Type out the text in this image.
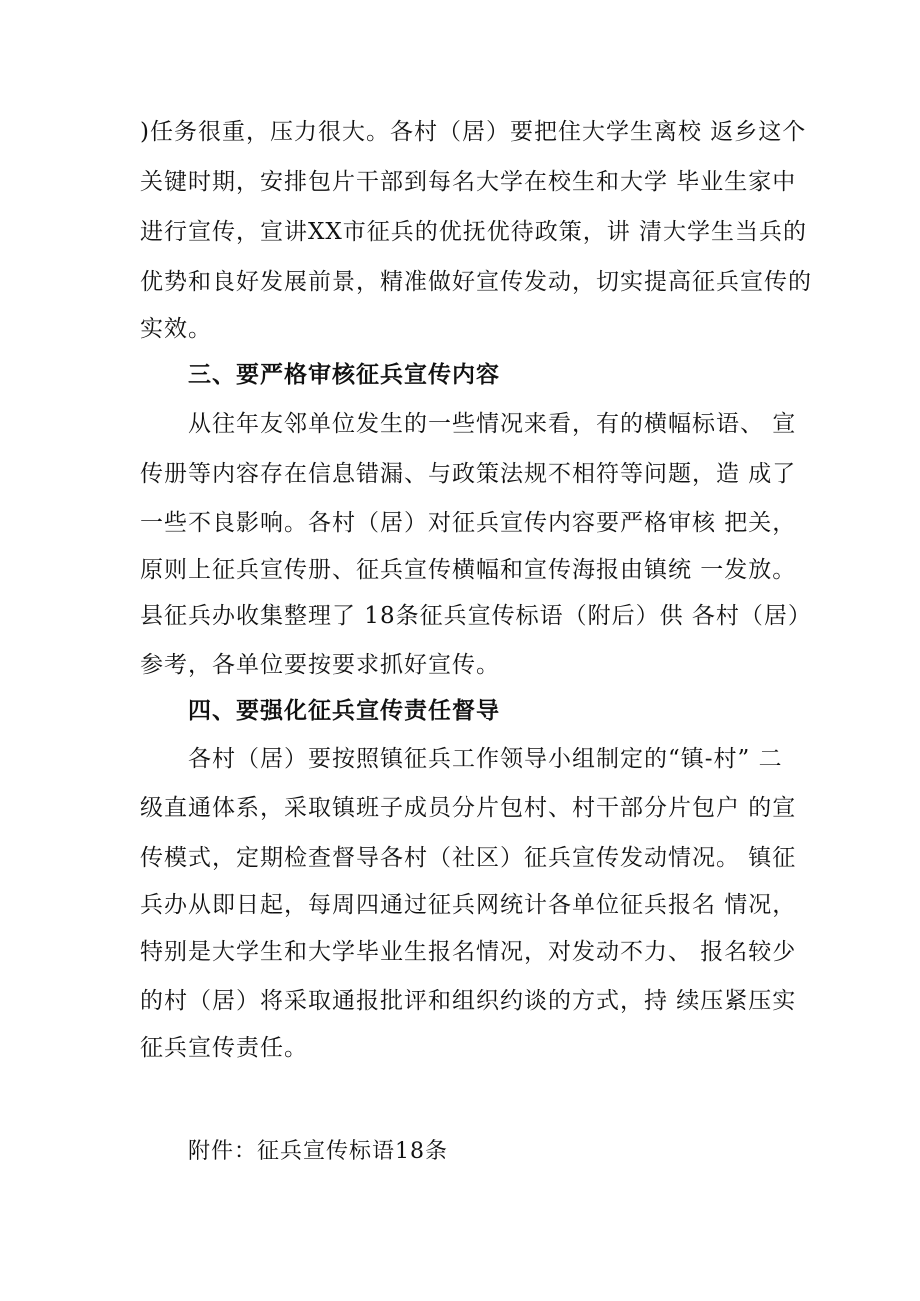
)任务很重，压力很大。各村（居）要把住大学生离校 返乡这个
关键时期，安排包片干部到每名大学在校生和大学 毕业生家中
进行宣传，宣讲XX市征兵的优抚优待政策，讲 清大学生当兵的
优势和良好发展前景，精准做好宣传发动，切实提高征兵宣传的
实效。
三、要严格审核征兵宣传内容
从往年友邻单位发生的一些情况来看，有的横幅标语、 宣
传册等内容存在信息错漏、与政策法规不相符等问题，造 成了
一些不良影响。各村（居）对征兵宣传内容要严格审核 把关，
原则上征兵宣传册、征兵宣传横幅和宣传海报由镇统 一发放。
县征兵办收集整理了 18条征兵宣传标语（附后）供 各村（居）
参考，各单位要按要求抓好宣传。
四、要强化征兵宣传责任督导
各村（居）要按照镇征兵工作领导小组制定的“镇-村” 二
级直通体系，采取镇班子成员分片包村、村干部分片包户 的宣
传模式，定期检查督导各村（社区）征兵宣传发动情况。 镇征
兵办从即日起，每周四通过征兵网统计各单位征兵报名 情况，
特别是大学生和大学毕业生报名情况，对发动不力、 报名较少
的村（居）将采取通报批评和组织约谈的方式，持 续压紧压实
征兵宣传责任。
附件：征兵宣传标语18条
